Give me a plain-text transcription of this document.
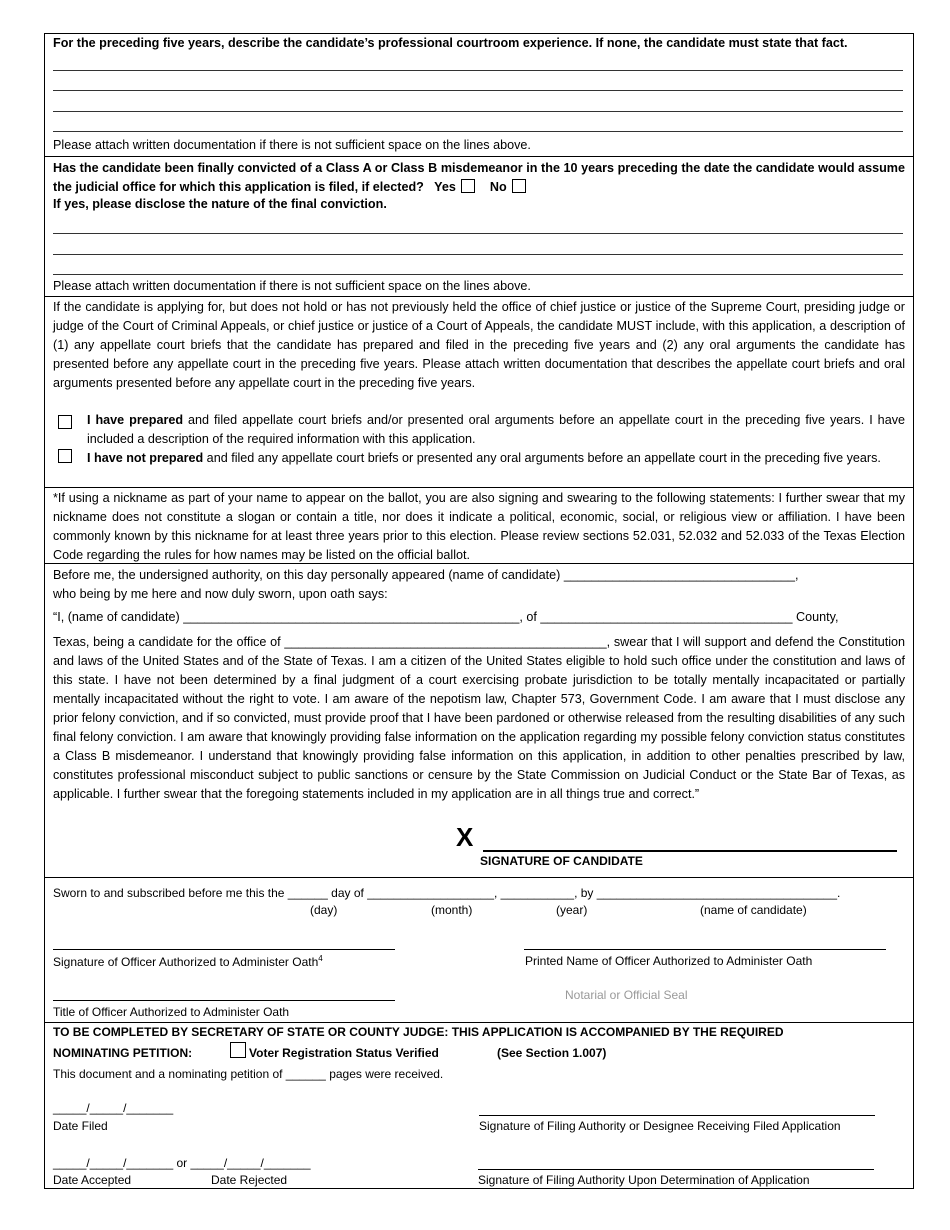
For the preceding five years, describe the candidate’s professional courtroom experience. If none, the candidate must state that fact.
Please attach written documentation if there is not sufficient space on the lines above.
Has the candidate been finally convicted of a Class A or Class B misdemeanor in the 10 years preceding the date the candidate would assume the judicial office for which this application is filed, if elected? Yes	No
If yes, please disclose the nature of the final conviction.
Please attach written documentation if there is not sufficient space on the lines above.
If the candidate is applying for, but does not hold or has not previously held the office of chief justice or justice of the Supreme Court, presiding judge or judge of the Court of Criminal Appeals, or chief justice or justice of a Court of Appeals, the candidate MUST include, with this application, a description of (1) any appellate court briefs that the candidate has prepared and filed in the preceding five years and (2) any oral arguments the candidate has presented before any appellate court in the preceding five years. Please attach written documentation that describes the appellate court briefs and oral arguments presented before any appellate court in the preceding five years.
I have prepared and filed appellate court briefs and/or presented oral arguments before an appellate court in the preceding five years. I have included a description of the required information with this application.
I have not prepared and filed any appellate court briefs or presented any oral arguments before an appellate court in the preceding five years.
*If using a nickname as part of your name to appear on the ballot, you are also signing and swearing to the following statements: I further swear that my nickname does not constitute a slogan or contain a title, nor does it indicate a political, economic, social, or religious view or affiliation. I have been commonly known by this nickname for at least three years prior to this election. Please review sections 52.031, 52.032 and 52.033 of the Texas Election Code regarding the rules for how names may be listed on the official ballot.
Before me, the undersigned authority, on this day personally appeared (name of candidate) _________________________________,
who being by me here and now duly sworn, upon oath says:
“I, (name of candidate) ________________________________________________, of ____________________________________ County,
Texas, being a candidate for the office of ______________________________________________, swear that I will support and defend the Constitution and laws of the United States and of the State of Texas. I am a citizen of the United States eligible to hold such office under the constitution and laws of this state. I have not been determined by a final judgment of a court exercising probate jurisdiction to be totally mentally incapacitated or partially mentally incapacitated without the right to vote. I am aware of the nepotism law, Chapter 573, Government Code. I am aware that I must disclose any prior felony conviction, and if so convicted, must provide proof that I have been pardoned or otherwise released from the resulting disabilities of any such final felony conviction. I am aware that knowingly providing false information on the application regarding my possible felony conviction status constitutes a Class B misdemeanor. I understand that knowingly providing false information on this application, in addition to other penalties prescribed by law, constitutes professional misconduct subject to public sanctions or censure by the State Commission on Judicial Conduct or the State Bar of Texas, as applicable. I further swear that the foregoing statements included in my application are in all things true and correct.”
X
SIGNATURE OF CANDIDATE
Sworn to and subscribed before me this the ______ day of ___________________, ___________, by ____________________________________.
(day)	(month)	(year)	(name of candidate)
Signature of Officer Authorized to Administer Oath$^4$	Printed Name of Officer Authorized to Administer Oath
Notarial or Official Seal
Title of Officer Authorized to Administer Oath
TO BE COMPLETED BY SECRETARY OF STATE OR COUNTY JUDGE: THIS APPLICATION IS ACCOMPANIED BY THE REQUIRED
NOMINATING PETITION:	Voter Registration Status Verified	(See Section 1.007)
This document and a nominating petition of ______ pages were received.
_____/_____/_______
Date Filed	Signature of Filing Authority or Designee Receiving Filed Application
_____/_____/_______ or _____/_____/_______
Date Accepted	Date Rejected	Signature of Filing Authority Upon Determination of Application
